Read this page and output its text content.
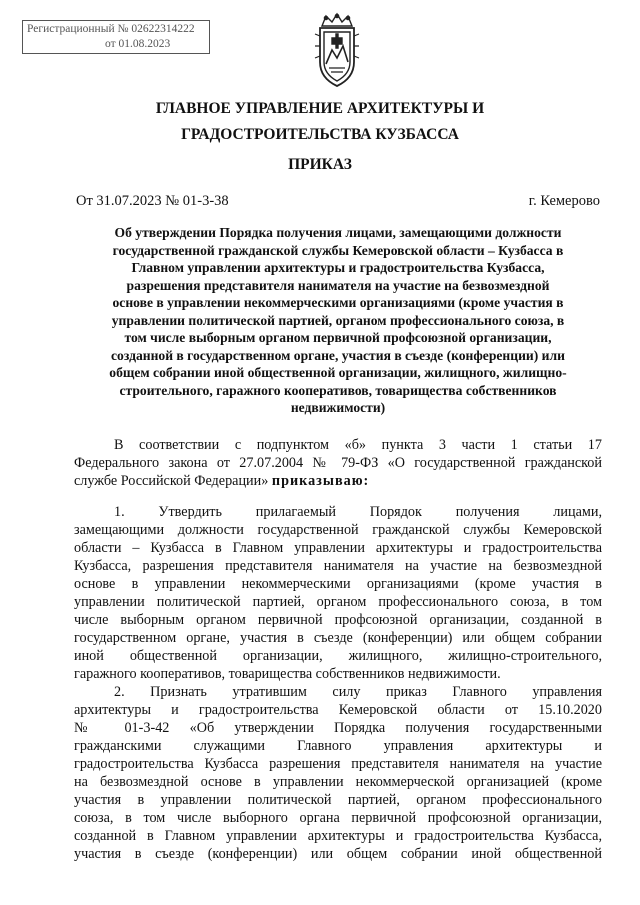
Регистрационный № 02622314222
от 01.08.2023
ГЛАВНОЕ УПРАВЛЕНИЕ АРХИТЕКТУРЫ И
ГРАДОСТРОИТЕЛЬСТВА КУЗБАССА
ПРИКАЗ
От 31.07.2023 № 01-3-38	г. Кемерово
Об утверждении Порядка получения лицами, замещающими должности
государственной гражданской службы Кемеровской области – Кузбасса в
Главном управлении архитектуры и градостроительства Кузбасса,
разрешения представителя нанимателя на участие на безвозмездной
основе в управлении некоммерческими организациями (кроме участия в
управлении политической партией, органом профессионального союза, в
том числе выборным органом первичной профсоюзной организации,
созданной в государственном органе, участия в съезде (конференции) или
общем собрании иной общественной организации, жилищного, жилищно-
строительного, гаражного кооперативов, товарищества собственников
недвижимости)
В соответствии с подпунктом «б» пункта 3 части 1 статьи 17
Федерального закона от 27.07.2004 № 79-ФЗ «О государственной гражданской
службе Российской Федерации» приказываю:
1. Утвердить прилагаемый Порядок получения лицами,
замещающими должности государственной гражданской службы Кемеровской
области – Кузбасса в Главном управлении архитектуры и градостроительства
Кузбасса, разрешения представителя нанимателя на участие на безвозмездной
основе в управлении некоммерческими организациями (кроме участия в
управлении политической партией, органом профессионального союза, в том
числе выборным органом первичной профсоюзной организации, созданной в
государственном органе, участия в съезде (конференции) или общем собрании
иной общественной организации, жилищного, жилищно-строительного,
гаражного кооперативов, товарищества собственников недвижимости.
2. Признать утратившим силу приказ Главного управления
архитектуры и градостроительства Кемеровской области от 15.10.2020
№ 01-3-42 «Об утверждении Порядка получения государственными
гражданскими служащими Главного управления архитектуры и
градостроительства Кузбасса разрешения представителя нанимателя на участие
на безвозмездной основе в управлении некоммерческой организацией (кроме
участия в управлении политической партией, органом профессионального
союза, в том числе выборного органа первичной профсоюзной организации,
созданной в Главном управлении архитектуры и градостроительства Кузбасса,
участия в съезде (конференции) или общем собрании иной общественной
